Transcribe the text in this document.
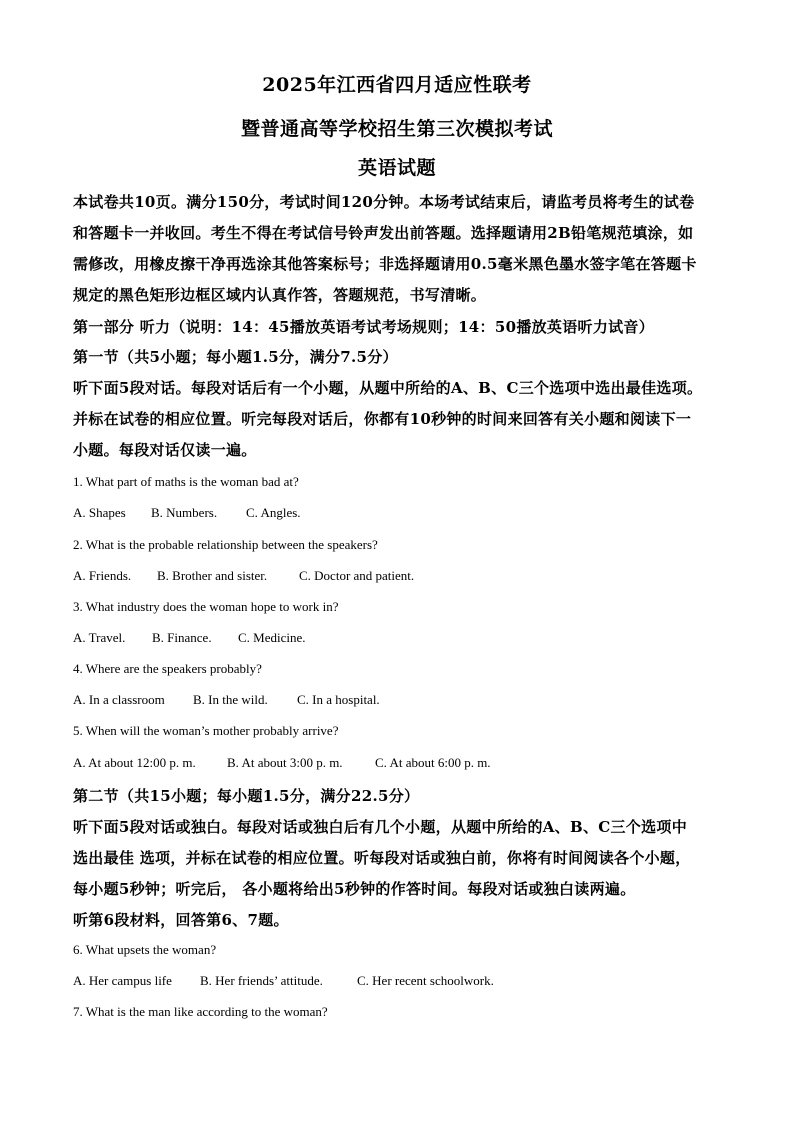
2025年江西省四月适应性联考
暨普通高等学校招生第三次模拟考试
英语试题
本试卷共10页。满分150分，考试时间120分钟。本场考试结束后，请监考员将考生的试卷
和答题卡一并收回。考生不得在考试信号铃声发出前答题。选择题请用2B铅笔规范填涂，如
需修改，用橡皮擦干净再选涂其他答案标号；非选择题请用0.5毫米黑色墨水签字笔在答题卡
规定的黑色矩形边框区域内认真作答，答题规范，书写清晰。
第一部分 听力（说明：14：45播放英语考试考场规则；14：50播放英语听力试音）
第一节（共5小题；每小题1.5分，满分7.5分）
听下面5段对话。每段对话后有一个小题，从题中所给的A、B、C三个选项中选出最佳选项。
并标在试卷的相应位置。听完每段对话后，你都有10秒钟的时间来回答有关小题和阅读下一
小题。每段对话仅读一遍。
1. What part of maths is the woman bad at?
A. Shapes B. Numbers. C. Angles.
2. What is the probable relationship between the speakers?
A. Friends. B. Brother and sister. C. Doctor and patient.
3. What industry does the woman hope to work in?
A. Travel. B. Finance. C. Medicine.
4. Where are the speakers probably?
A. In a classroom B. In the wild. C. In a hospital.
5. When will the woman’s mother probably arrive?
A. At about 12:00 p. m. B. At about 3:00 p. m. C. At about 6:00 p. m.
第二节（共15小题；每小题1.5分，满分22.5分）
听下面5段对话或独白。每段对话或独白后有几个小题，从题中所给的A、B、C三个选项中
选出最佳 选项，并标在试卷的相应位置。听每段对话或独白前，你将有时间阅读各个小题，
每小题5秒钟；听完后， 各小题将给出5秒钟的作答时间。每段对话或独白读两遍。
听第6段材料，回答第6、7题。
6. What upsets the woman?
A. Her campus life B. Her friends’ attitude.	C. Her recent schoolwork.
7. What is the man like according to the woman?
